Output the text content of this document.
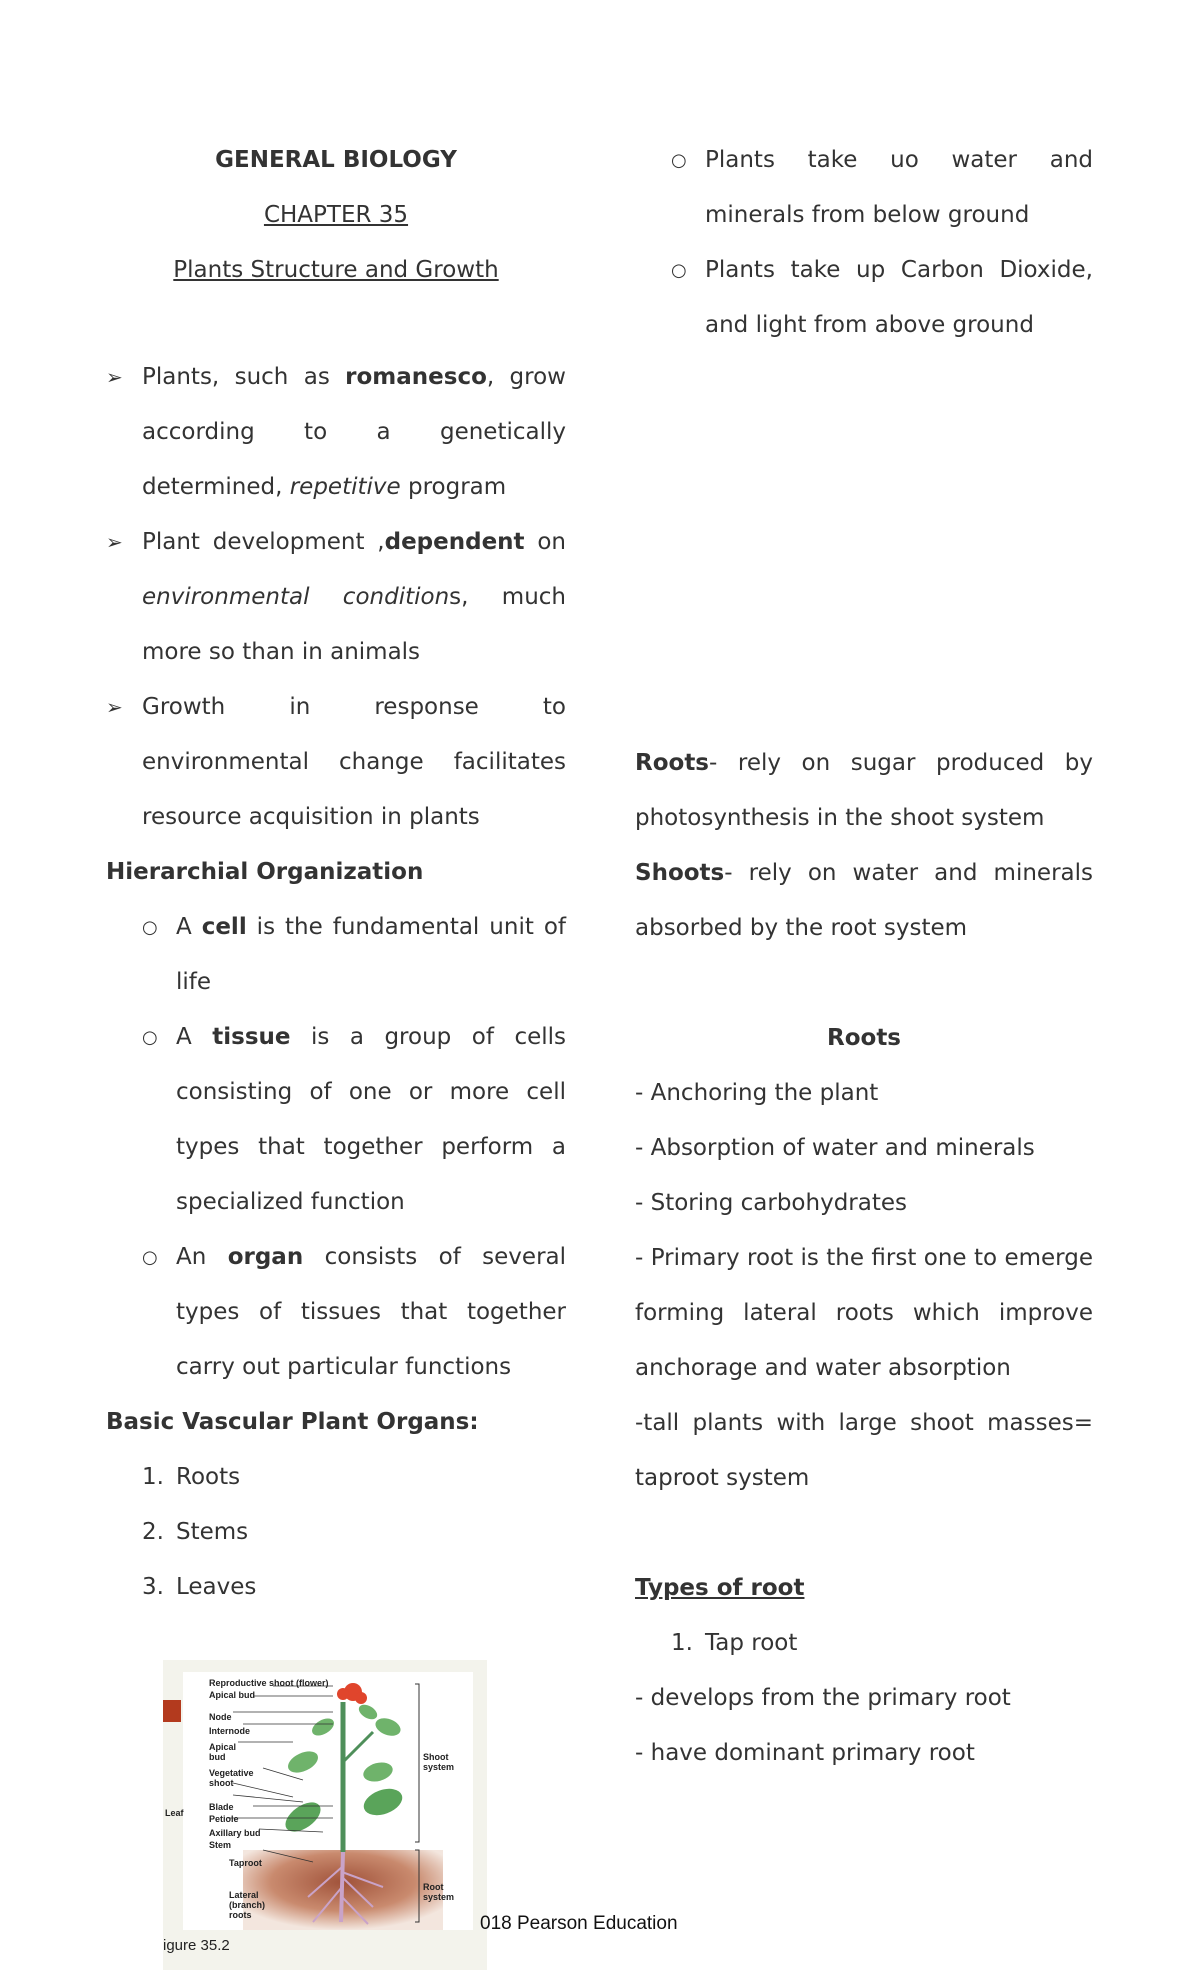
GENERAL BIOLOGY
CHAPTER 35
Plants Structure and Growth
➢ Plants, such as romanesco, grow according to a genetically determined, repetitive program
➢ Plant development ,dependent on environmental conditions, much more so than in animals
➢ Growth in response to environmental change facilitates resource acquisition in plants
Hierarchial Organization
○ A cell is the fundamental unit of life
○ A tissue is a group of cells consisting of one or more cell types that together perform a specialized function
○ An organ consists of several types of tissues that together carry out particular functions
Basic Vascular Plant Organs:
1. Roots
2. Stems
3. Leaves
Reproductive shoot (flower)
Apical bud
Node
Internode
Apical bud
Vegetative shoot
Blade
Petiole
Leaf
Axillary bud
Stem
Taproot
Lateral (branch) roots
Shoot system
Root system
018 Pearson Education
igure 35.2
○ Plants take uo water and minerals from below ground
○ Plants take up Carbon Dioxide, and light from above ground
Roots- rely on sugar produced by photosynthesis in the shoot system
Shoots- rely on water and minerals absorbed by the root system
Roots
- Anchoring the plant
- Absorption of water and minerals
- Storing carbohydrates
- Primary root is the first one to emerge forming lateral roots which improve anchorage and water absorption
-tall plants with large shoot masses= taproot system
Types of root
1. Tap root
- develops from the primary root
- have dominant primary root
